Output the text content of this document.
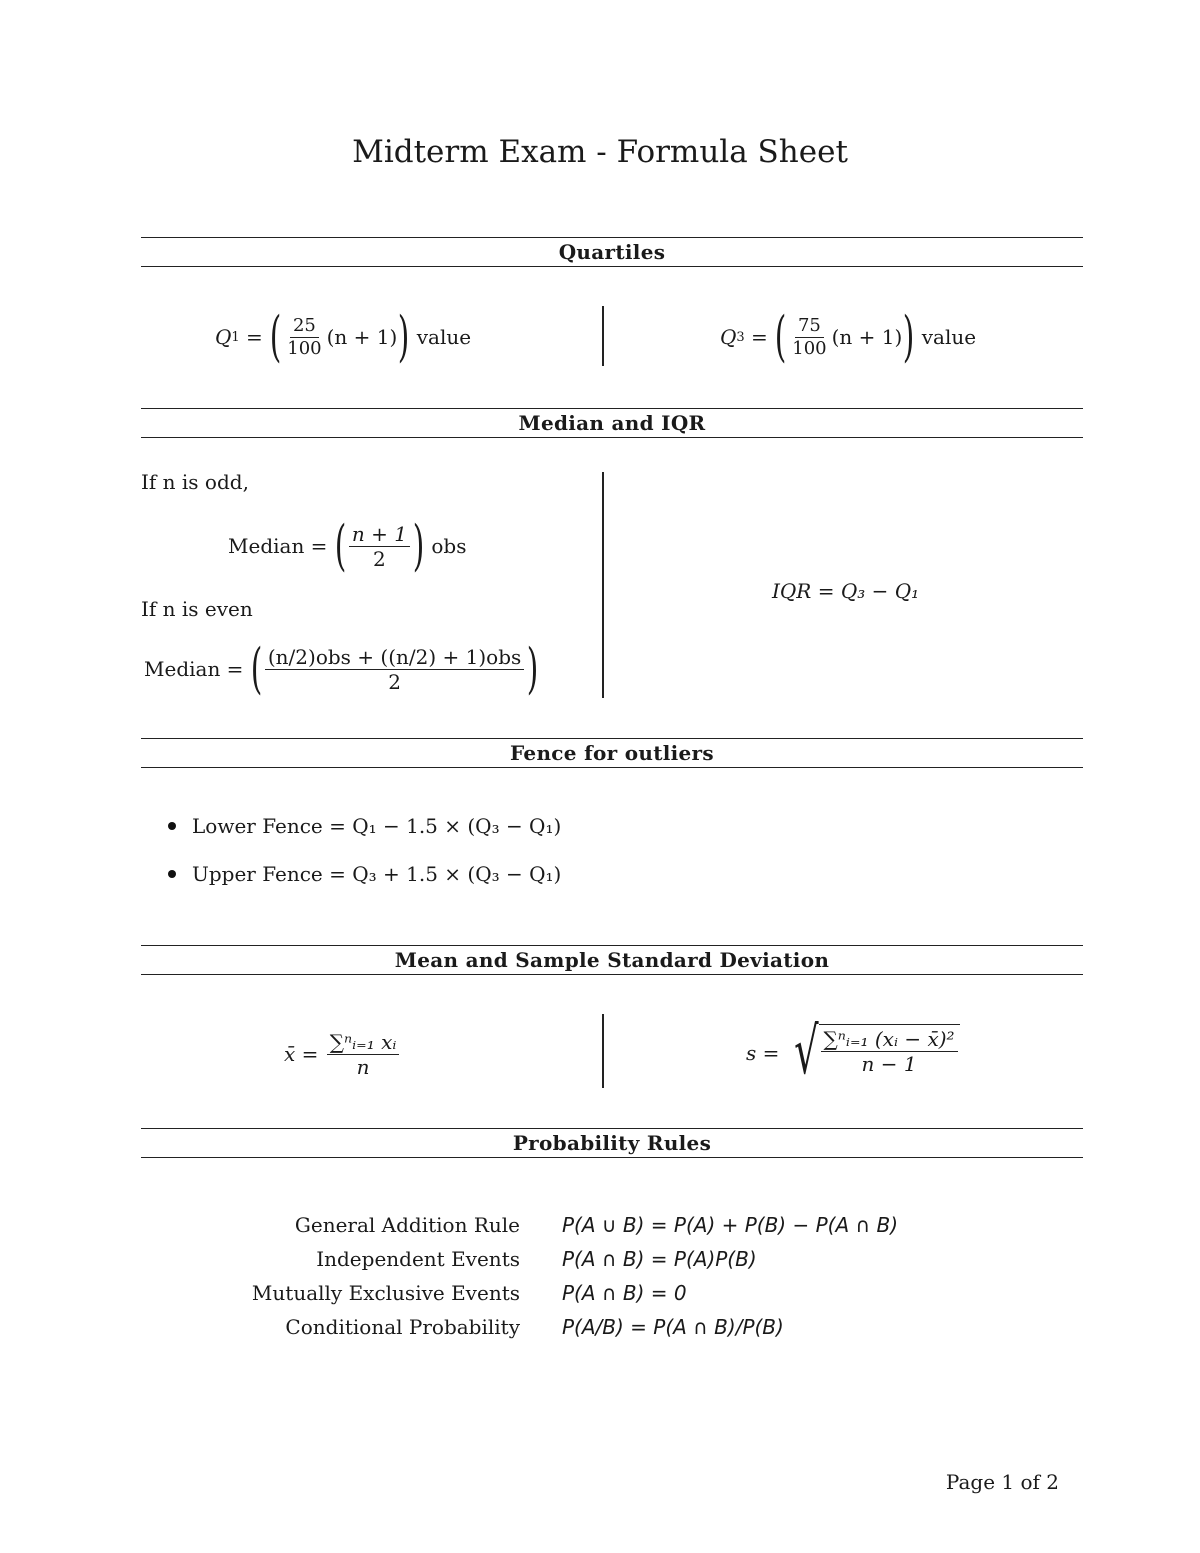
Midterm Exam - Formula Sheet
Quartiles
Q 1 = ( $\frac{25}{100} (n + 1)$ )
value	Q 3 = ( $\frac{75}{100} (n + 1)$ )
value
Median and IQR
If n is odd,
Median =
( $\frac{n + 1}{2}$ )
obs
If n is even
Median =
( $\frac{\text{(n/2)obs + ((n/2) + 1)obs}}{2}$ )
IQR = Q₃ − Q₁
Fence for outliers
Lower Fence = Q₁ − 1.5 × (Q₃ − Q₁)
Upper Fence = Q₃ + 1.5 × (Q₃ − Q₁)
Mean and Sample Standard Deviation
x̄ =
$\frac{\text{∑ⁿᵢ₌₁ xᵢ}}{n}$	s =
√ $\frac{\text{∑ⁿᵢ₌₁ (xᵢ − x̄)²}}{n - 1}$
Probability Rules
General Addition Rule	P(A ∪ B) = P(A) + P(B) − P(A ∩ B)
Independent Events	P(A ∩ B) = P(A)P(B)
Mutually Exclusive Events	P(A ∩ B) = 0
Conditional Probability	P(A/B) = P(A ∩ B)/P(B)
Page 1 of 2
